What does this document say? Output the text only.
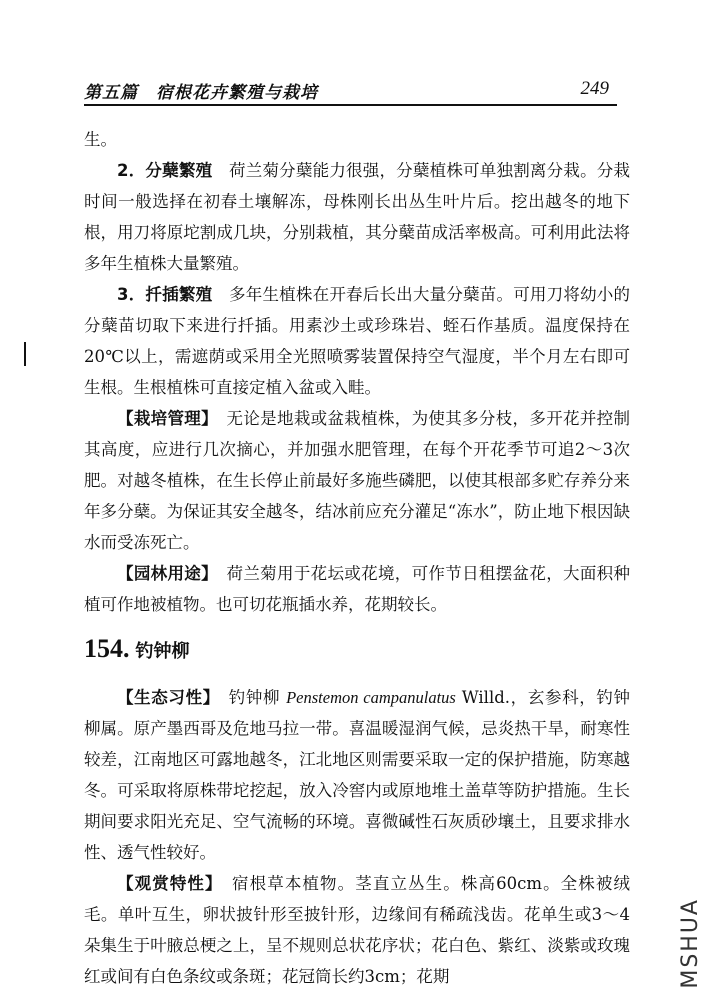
第五篇　宿根花卉繁殖与栽培	249

生。

2．分蘖繁殖　 荷兰菊分蘖能力很强，分蘖植株可单独割离分栽。分栽时间一般选择在初春土壤解冻，母株刚长出丛生叶片后。挖出越冬的地下根，用刀将原坨割成几块，分别栽植，其分蘖苗成活率极高。可利用此法将多年生植株大量繁殖。

3．扦插繁殖　 多年生植株在开春后长出大量分蘖苗。可用刀将幼小的分蘖苗切取下来进行扦插。用素沙土或珍珠岩、蛭石作基质。温度保持在20℃以上，需遮荫或采用全光照喷雾装置保持空气湿度，半个月左右即可生根。生根植株可直接定植入盆或入畦。

【栽培管理】　 无论是地栽或盆栽植株，为使其多分枝，多开花并控制其高度，应进行几次摘心，并加强水肥管理，在每个开花季节可追2～3次肥。对越冬植株，在生长停止前最好多施些磷肥，以使其根部多贮存养分来年多分蘖。为保证其安全越冬，结冰前应充分灌足“冻水”，防止地下根因缺水而受冻死亡。

【园林用途】　 荷兰菊用于花坛或花境，可作节日租摆盆花，大面积种植可作地被植物。也可切花瓶插水养，花期较长。

154. 钓钟柳

【生态习性】　 钓钟柳 Penstemon campanulatus Willd.，玄参科，钓钟柳属。原产墨西哥及危地马拉一带。喜温暖湿润气候，忌炎热干旱，耐寒性较差，江南地区可露地越冬，江北地区则需要采取一定的保护措施，防寒越冬。可采取将原株带坨挖起，放入冷窖内或原地堆土盖草等防护措施。生长期间要求阳光充足、空气流畅的环境。喜微碱性石灰质砂壤土，且要求排水性、透气性较好。

【观赏特性】　 宿根草本植物。茎直立丛生。株高60cm。全株被绒毛。单叶互生，卵状披针形至披针形，边缘间有稀疏浅齿。花单生或3～4朵集生于叶腋总梗之上，呈不规则总状花序状；花白色、紫红、淡紫或玫瑰红或间有白色条纹或条斑；花冠筒长约3cm；花期	MSHUA
